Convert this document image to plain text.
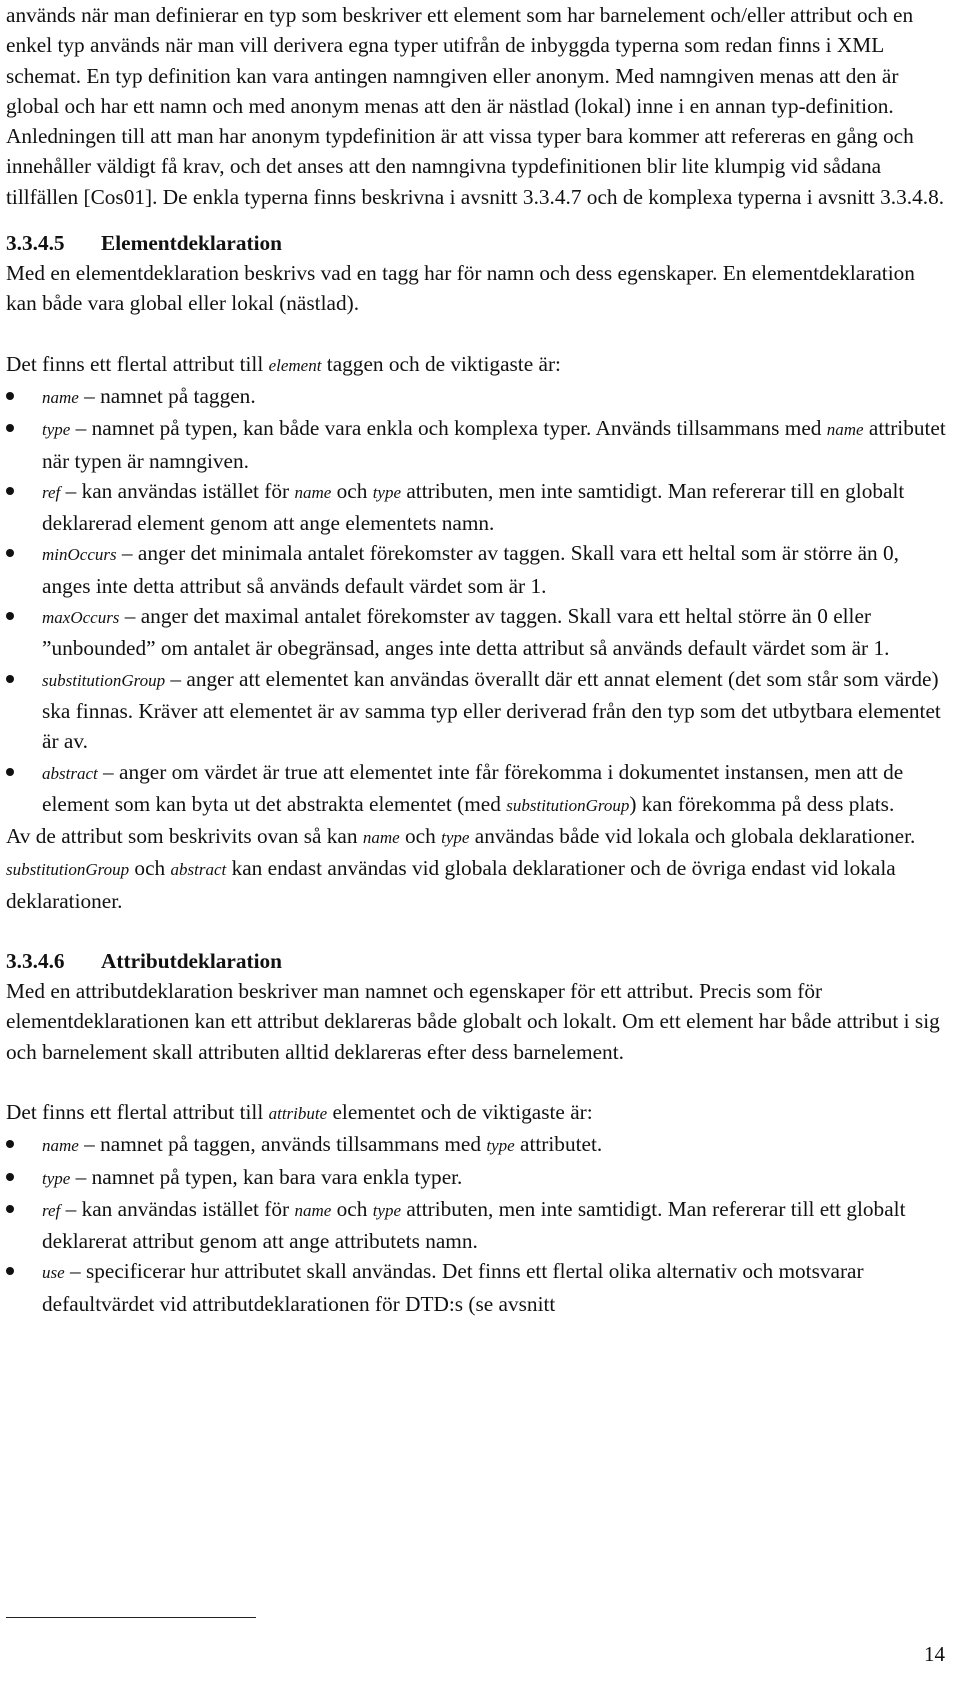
används när man definierar en typ som beskriver ett element som har barnelement och/eller attribut och en enkel typ används när man vill derivera egna typer utifrån de inbyggda typerna som redan finns i XML schemat. En typ definition kan vara antingen namngiven eller anonym. Med namngiven menas att den är global och har ett namn och med anonym menas att den är nästlad (lokal) inne i en annan typ-definition. Anledningen till att man har anonym typdefinition är att vissa typer bara kommer att refereras en gång och innehåller väldigt få krav, och det anses att den namngivna typdefinitionen blir lite klumpig vid sådana tillfällen [Cos01]. De enkla typerna finns beskrivna i avsnitt 3.3.4.7 och de komplexa typerna i avsnitt 3.3.4.8.

3.3.4.5 Elementdeklaration

Med en elementdeklaration beskrivs vad en tagg har för namn och dess egenskaper. En elementdeklaration kan både vara global eller lokal (nästlad).

Det finns ett flertal attribut till element taggen och de viktigaste är:

name – namnet på taggen.
type – namnet på typen, kan både vara enkla och komplexa typer. Används tillsammans med name attributet när typen är namngiven.
ref – kan användas istället för name och type attributen, men inte samtidigt. Man refererar till en globalt deklarerad element genom att ange elementets namn.
minOccurs – anger det minimala antalet förekomster av taggen. Skall vara ett heltal som är större än 0, anges inte detta attribut så används default värdet som är 1.
maxOccurs – anger det maximal antalet förekomster av taggen. Skall vara ett heltal större än 0 eller ”unbounded” om antalet är obegränsad, anges inte detta attribut så används default värdet som är 1.
substitutionGroup – anger att elementet kan användas överallt där ett annat element (det som står som värde) ska finnas. Kräver att elementet är av samma typ eller deriverad från den typ som det utbytbara elementet är av.
abstract – anger om värdet är true att elementet inte får förekomma i dokumentet instansen, men att de element som kan byta ut det abstrakta elementet (med substitutionGroup) kan förekomma på dess plats.

Av de attribut som beskrivits ovan så kan name och type användas både vid lokala och globala deklarationer. substitutionGroup och abstract kan endast användas vid globala deklarationer och de övriga endast vid lokala deklarationer.

3.3.4.6 Attributdeklaration

Med en attributdeklaration beskriver man namnet och egenskaper för ett attribut. Precis som för elementdeklarationen kan ett attribut deklareras både globalt och lokalt. Om ett element har både attribut i sig och barnelement skall attributen alltid deklareras efter dess barnelement.

Det finns ett flertal attribut till attribute elementet och de viktigaste är:

name – namnet på taggen, används tillsammans med type attributet.
type – namnet på typen, kan bara vara enkla typer.
ref – kan användas istället för name och type attributen, men inte samtidigt. Man refererar till ett globalt deklarerat attribut genom att ange attributets namn.
use – specificerar hur attributet skall användas. Det finns ett flertal olika alternativ och motsvarar defaultvärdet vid attributdeklarationen för DTD:s (se avsnitt
14
